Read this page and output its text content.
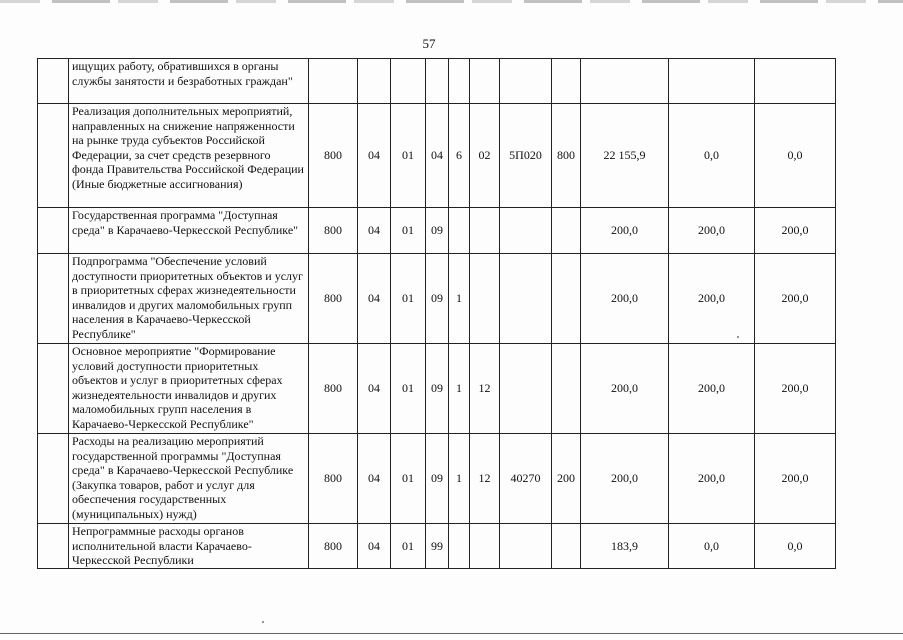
57
	ищущих работу, обратившихся в органы службы занятости и безработных граждан"											
	Реализация дополнительных мероприятий, направленных на снижение напряженности на рынке труда субъектов Российской Федерации, за счет средств резервного фонда Правительства Российской Федерации (Иные бюджетные ассигнования)	800	04	01	04	6	02	5П020	800	22 155,9	0,0	0,0
	Государственная программа "Доступная среда" в Карачаево-Черкесской Республике"	800	04	01	09					200,0	200,0	200,0
	Подпрограмма "Обеспечение условий доступности приоритетных объектов и услуг в приоритетных сферах жизнедеятельности инвалидов и других маломобильных групп населения в Карачаево-Черкесской Республике"	800	04	01	09	1				200,0	200,0	200,0
	Основное мероприятие "Формирование условий доступности приоритетных объектов и услуг в приоритетных сферах жизнедеятельности инвалидов и других маломобильных групп населения в Карачаево-Черкесской Республике"	800	04	01	09	1	12			200,0	200,0	200,0
	Расходы на реализацию мероприятий государственной программы "Доступная среда" в Карачаево-Черкесской Республике (Закупка товаров, работ и услуг для обеспечения государственных (муниципальных) нужд)	800	04	01	09	1	12	40270	200	200,0	200,0	200,0
	Непрограммные расходы органов исполнительной власти Карачаево-Черкесской Республики	800	04	01	99					183,9	0,0	0,0
